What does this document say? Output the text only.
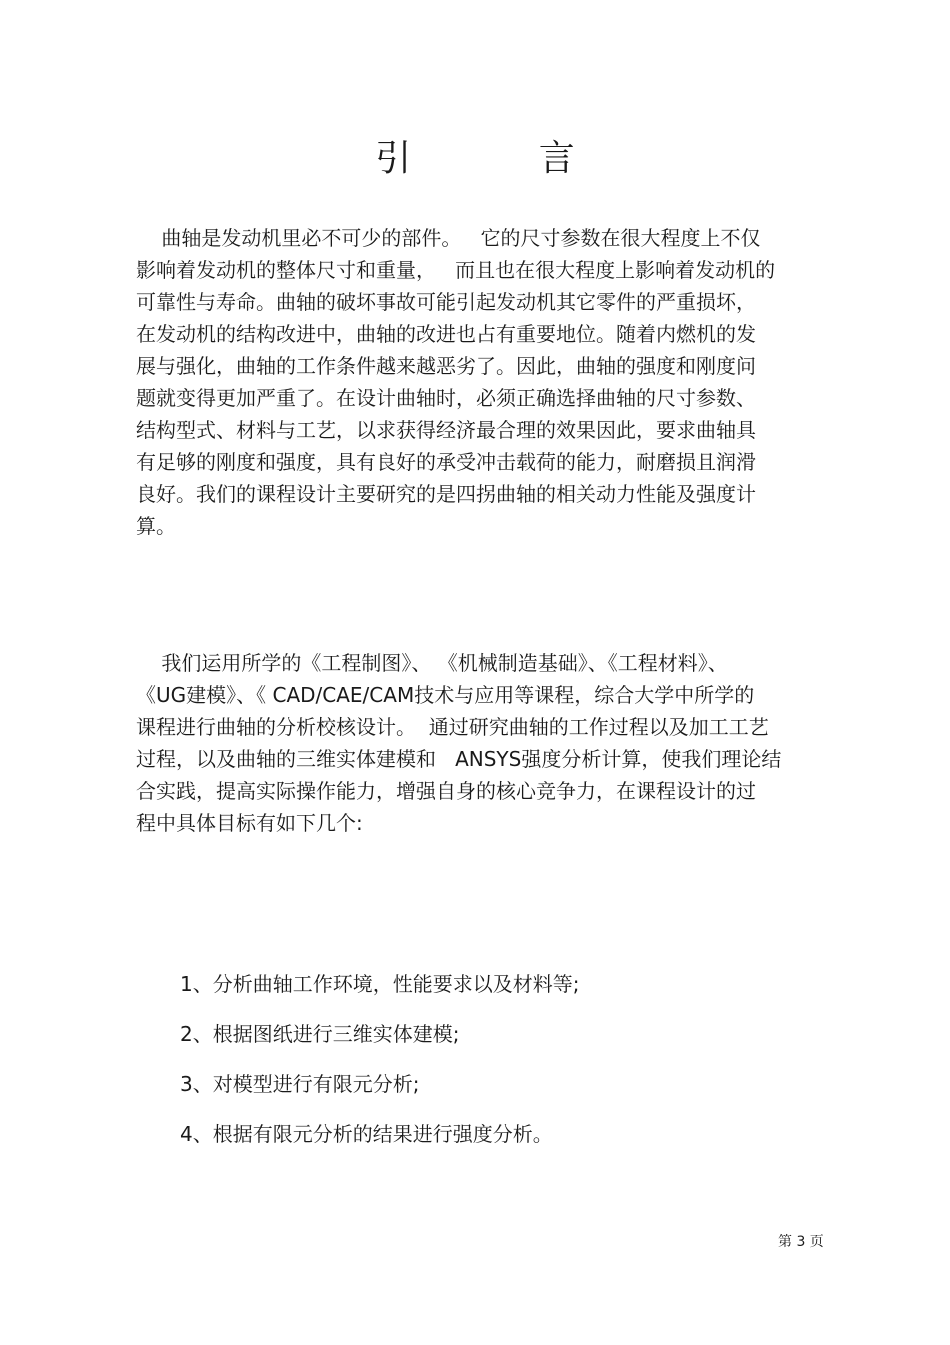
引 言
曲轴是发动机里必不可少的部件。   它的尺寸参数在很大程度上不仅
影响着发动机的整体尺寸和重量，   而且也在很大程度上影响着发动机的
可靠性与寿命。曲轴的破坏事故可能引起发动机其它零件的严重损坏，
在发动机的结构改进中，曲轴的改进也占有重要地位。随着内燃机的发
展与强化，曲轴的工作条件越来越恶劣了。因此，曲轴的强度和刚度问
题就变得更加严重了。在设计曲轴时，必须正确选择曲轴的尺寸参数、
结构型式、材料与工艺，以求获得经济最合理的效果因此，要求曲轴具
有足够的刚度和强度，具有良好的承受冲击载荷的能力，耐磨损且润滑
良好。我们的课程设计主要研究的是四拐曲轴的相关动力性能及强度计
算。
我们运用所学的《工程制图》、 《机械制造基础》、《工程材料》、
《UG建模》、《 CAD/CAE/CAM技术与应用等课程，综合大学中所学的
课程进行曲轴的分析校核设计。  通过研究曲轴的工作过程以及加工工艺
过程，以及曲轴的三维实体建模和   ANSYS强度分析计算，使我们理论结
合实践，提高实际操作能力，增强自身的核心竞争力，在课程设计的过
程中具体目标有如下几个:
1、分析曲轴工作环境，性能要求以及材料等;
2、根据图纸进行三维实体建模;
3、对模型进行有限元分析;
4、根据有限元分析的结果进行强度分析。
第 3 页
